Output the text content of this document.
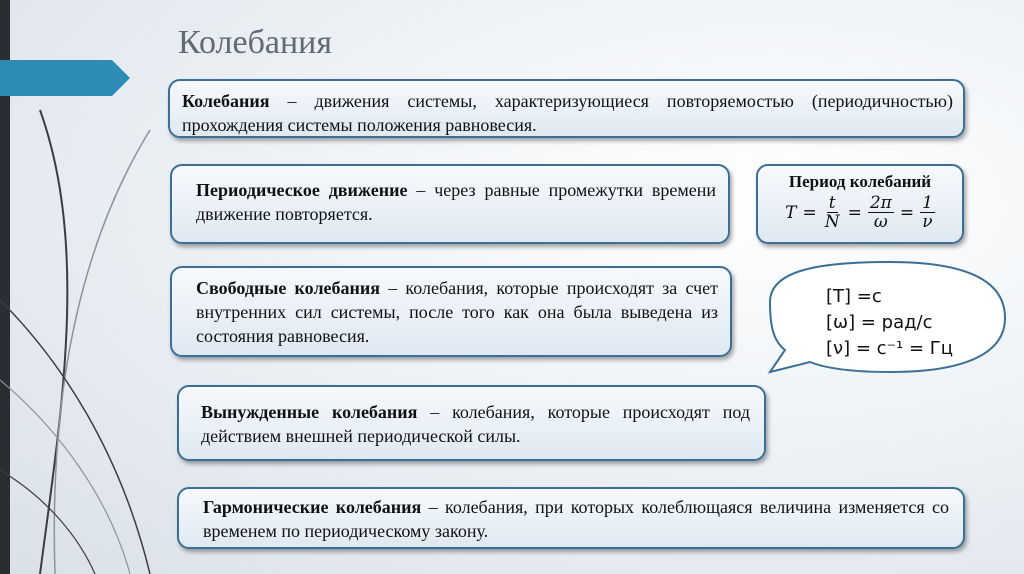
Колебания
Колебания – движения системы, характеризующиеся повторяемостью (периодичностью) прохождения системы положения равновесия.
Периодическое движение – через равные промежутки времени движение повторяется.
Свободные колебания – колебания, которые происходят за счет внутренних сил системы, после того как она была выведена из состояния равновесия.
Вынужденные колебания – колебания, которые происходят под действием внешней периодической силы.
Гармонические колебания – колебания, при которых колеблющаяся величина изменяется со временем по периодическому закону.
Период колебаний
$T = \frac{t}{N} = \frac{2\pi}{\omega} = \frac{1}{\nu}$
[T] =с
[ω] = рад/с
[ν] = с⁻¹ = Гц
